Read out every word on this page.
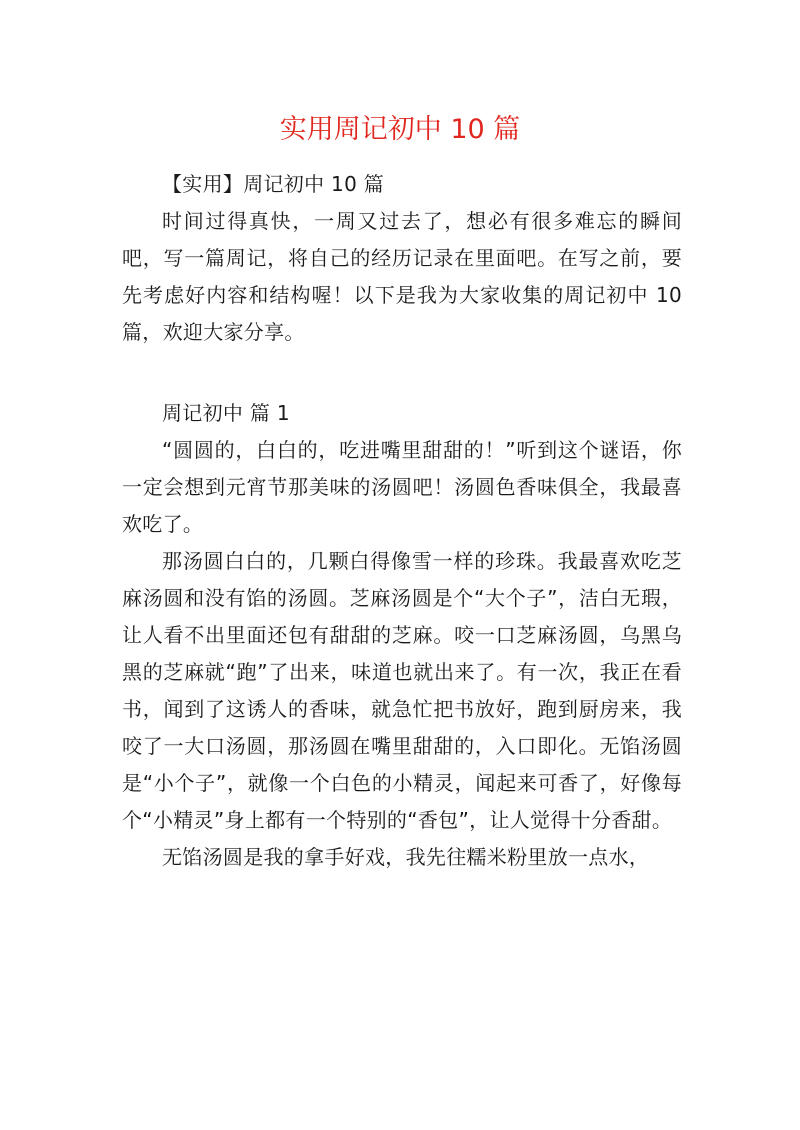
实用周记初中 10 篇

【实用】周记初中 10 篇

时间过得真快，一周又过去了，想必有很多难忘的瞬间吧，写一篇周记，将自己的经历记录在里面吧。在写之前，要先考虑好内容和结构喔！以下是我为大家收集的周记初中 10 篇，欢迎大家分享。

周记初中 篇 1

“圆圆的，白白的，吃进嘴里甜甜的！”听到这个谜语，你一定会想到元宵节那美味的汤圆吧！汤圆色香味俱全，我最喜欢吃了。

那汤圆白白的，几颗白得像雪一样的珍珠。我最喜欢吃芝麻汤圆和没有馅的汤圆。芝麻汤圆是个“大个子”，洁白无瑕，让人看不出里面还包有甜甜的芝麻。咬一口芝麻汤圆，乌黑乌黑的芝麻就“跑”了出来，味道也就出来了。有一次，我正在看书，闻到了这诱人的香味，就急忙把书放好，跑到厨房来，我咬了一大口汤圆，那汤圆在嘴里甜甜的，入口即化。无馅汤圆是“小个子”，就像一个白色的小精灵，闻起来可香了，好像每个“小精灵”身上都有一个特别的“香包”，让人觉得十分香甜。

无馅汤圆是我的拿手好戏，我先往糯米粉里放一点水，
